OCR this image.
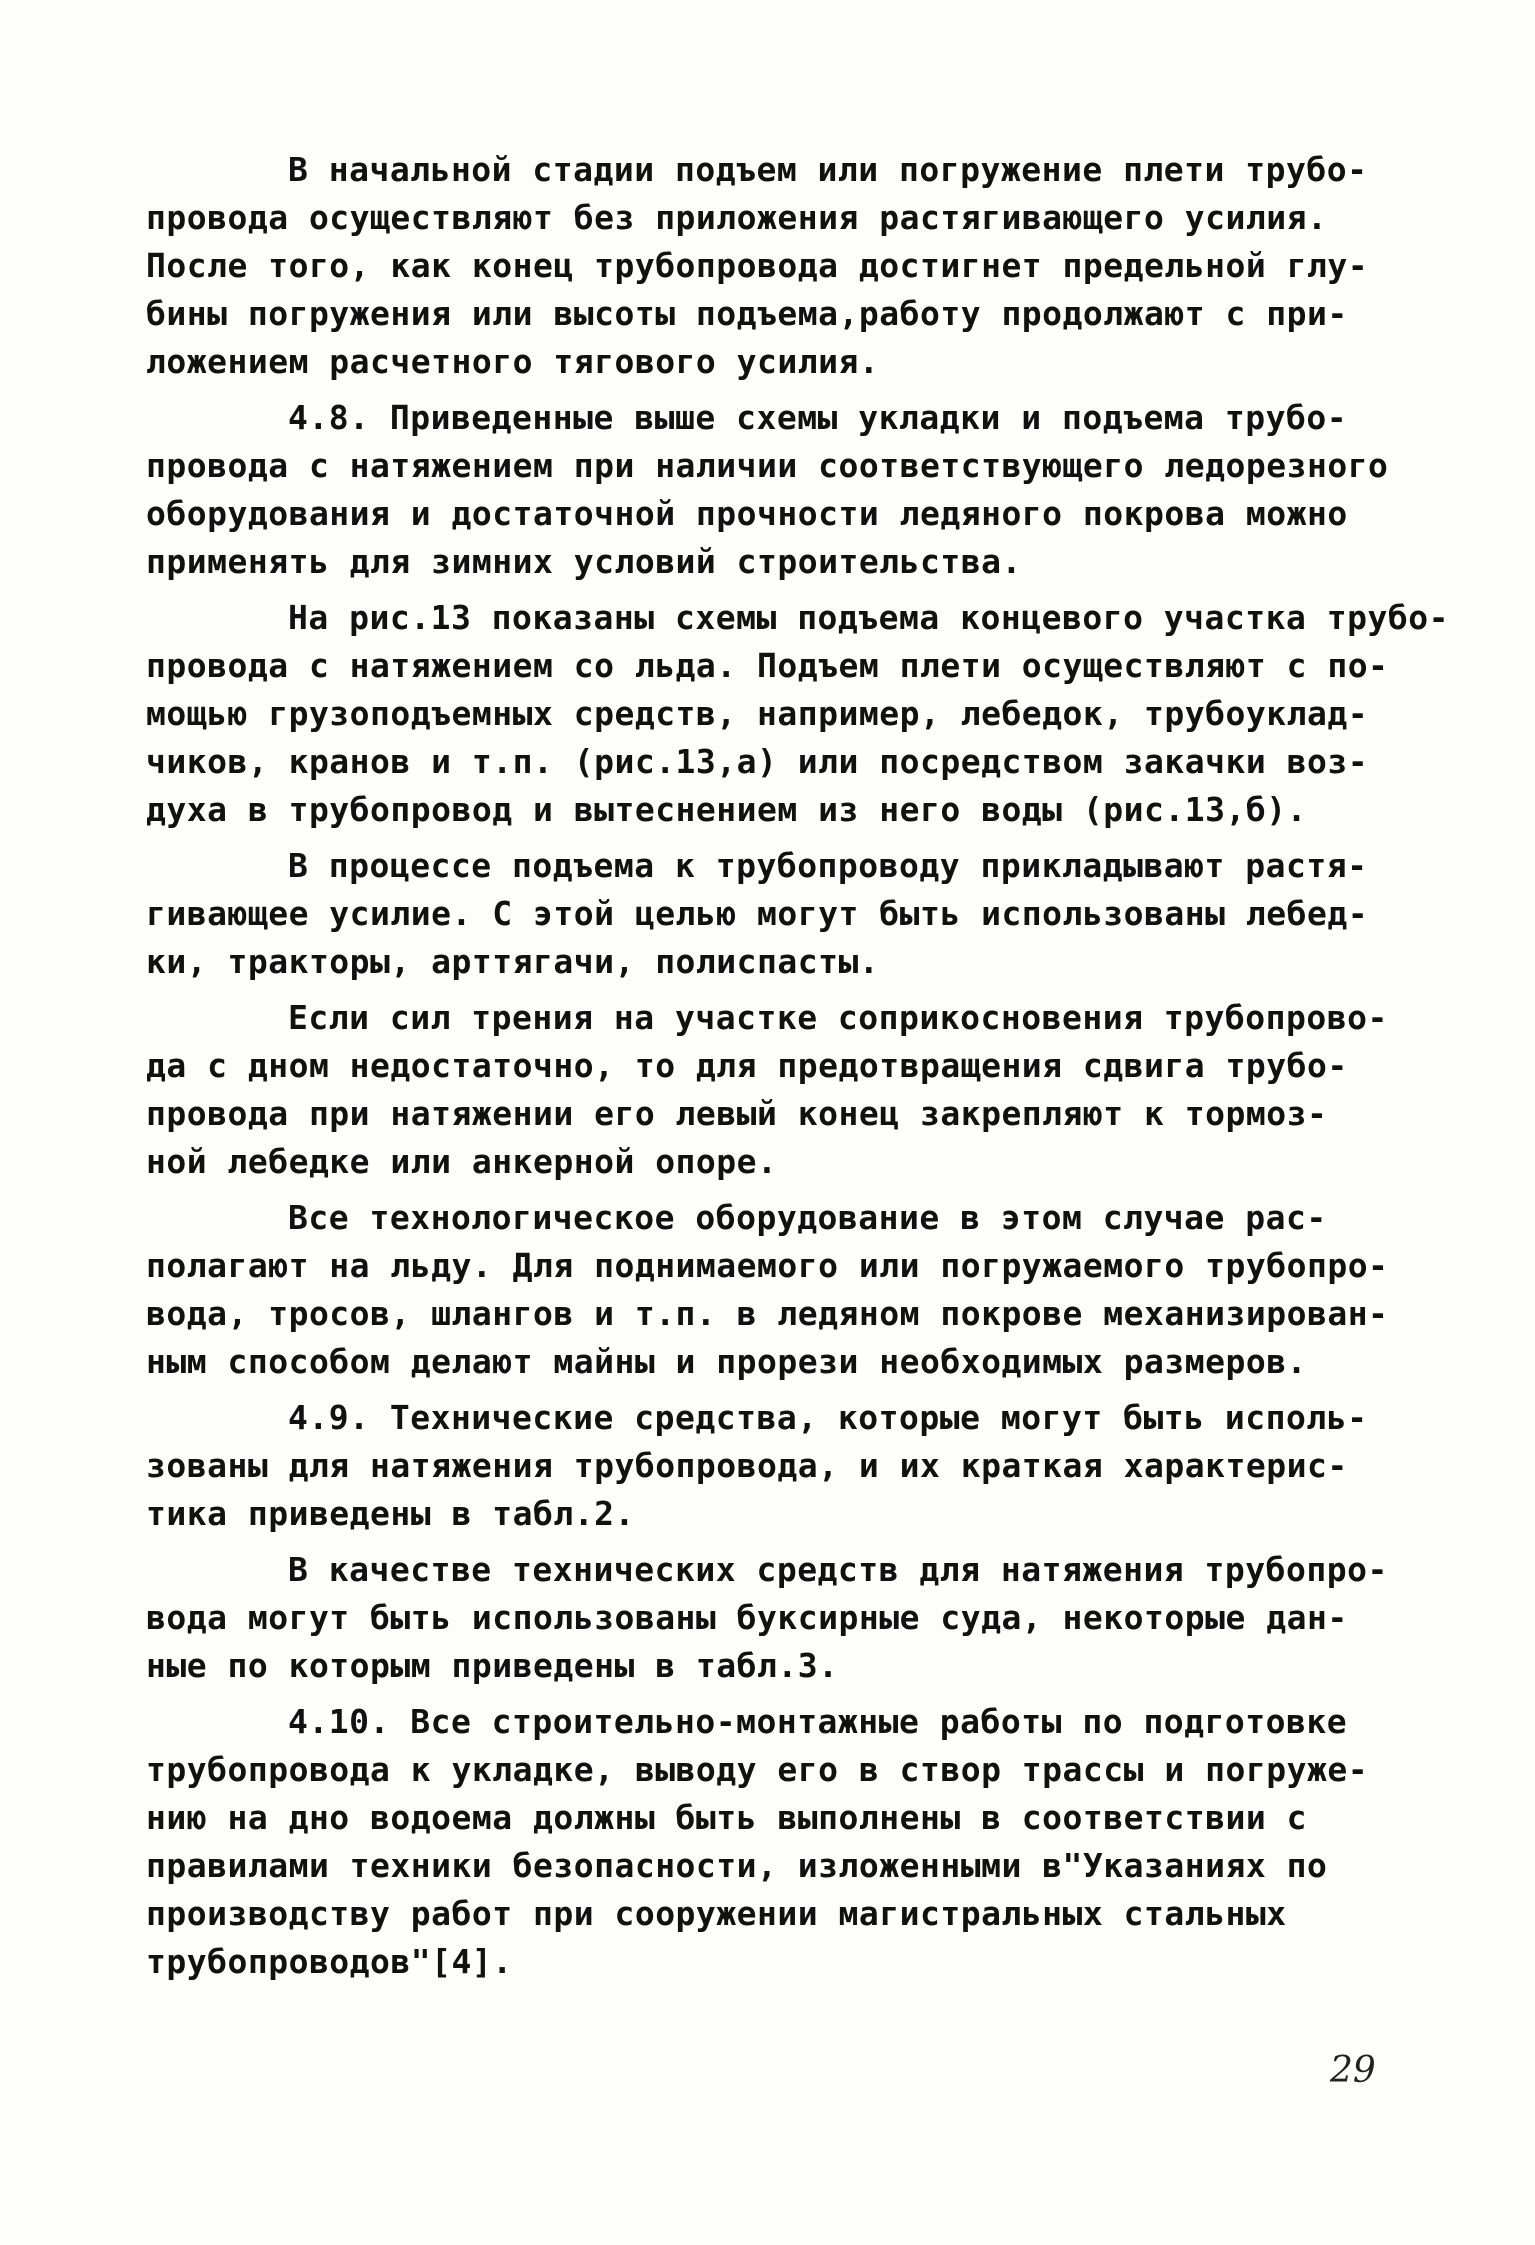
В начальной стадии подъем или погружение плети трубо-
провода осуществляют без приложения растягивающего усилия.
После того, как конец трубопровода достигнет предельной глу-
бины погружения или высоты подъема,работу продолжают с при-
ложением расчетного тягового усилия.
4.8. Приведенные выше схемы укладки и подъема трубо-
провода с натяжением при наличии соответствующего ледорезного
оборудования и достаточной прочности ледяного покрова можно
применять для зимних условий строительства.
На рис.13 показаны схемы подъема концевого участка трубо-
провода с натяжением со льда. Подъем плети осуществляют с по-
мощью грузоподъемных средств, например, лебедок, трубоуклад-
чиков, кранов и т.п. (рис.13,а) или посредством закачки воз-
духа в трубопровод и вытеснением из него воды (рис.13,б).
В процессе подъема к трубопроводу прикладывают растя-
гивающее усилие. С этой целью могут быть использованы лебед-
ки, тракторы, арттягачи, полиспасты.
Если сил трения на участке соприкосновения трубопрово-
да с дном недостаточно, то для предотвращения сдвига трубо-
провода при натяжении его левый конец закрепляют к тормоз-
ной лебедке или анкерной опоре.
Все технологическое оборудование в этом случае рас-
полагают на льду. Для поднимаемого или погружаемого трубопро-
вода, тросов, шлангов и т.п. в ледяном покрове механизирован-
ным способом делают майны и прорези необходимых размеров.
4.9. Технические средства, которые могут быть исполь-
зованы для натяжения трубопровода, и их краткая характерис-
тика приведены в табл.2.
В качестве технических средств для натяжения трубопро-
вода могут быть использованы буксирные суда, некоторые дан-
ные по которым приведены в табл.3.
4.10. Все строительно-монтажные работы по подготовке
трубопровода к укладке, выводу его в створ трассы и погруже-
нию на дно водоема должны быть выполнены в соответствии с
правилами техники безопасности, изложенными в"Указаниях по
производству работ при сооружении магистральных стальных
трубопроводов"[4].
29
